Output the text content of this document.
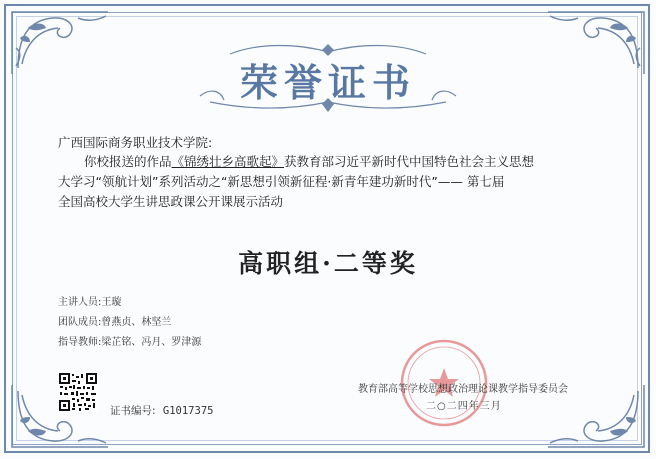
荣誉证书
广西国际商务职业技术学院:
你校报送的作品《锦绣壮乡高歌起》获教育部习近平新时代中国特色社会主义思想
大学习“领航计划”系列活动之“新思想引领新征程·新青年建功新时代”—— 第七届
全国高校大学生讲思政课公开课展示活动
高职组·二等奖
主讲人员:王璇
团队成员:曾燕贞、林坚兰
指导教师:梁芷铭、冯月、罗津源
证书编号: G1017375
教育部高等学校思想政治理论课教学指导委员会
二○二四年三月
